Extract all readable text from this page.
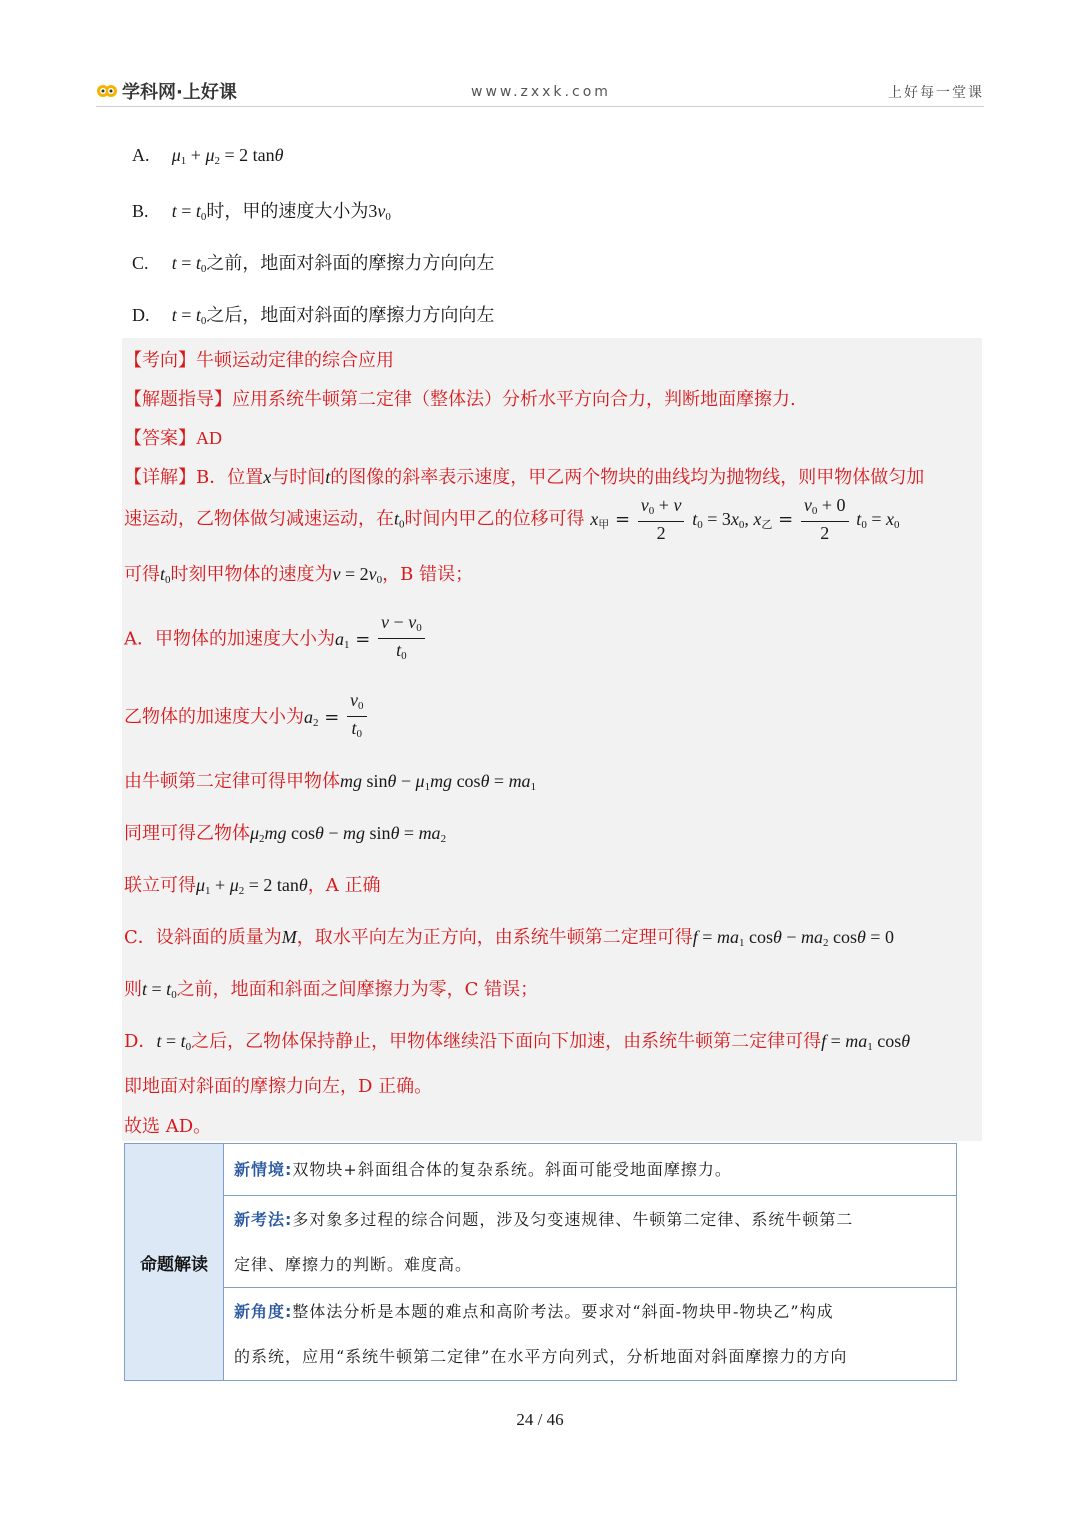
学科网·上好课	www.zxxk.com	上好每一堂课
A. $\mu_1 + \mu_2 = 2$ tanθ
B. $t = t_0$时，甲的速度大小为$3v_0$
C. $t = t_0$之前，地面对斜面的摩擦力方向向左
D. $t = t_0$之后，地面对斜面的摩擦力方向向左
【考向】牛顿运动定律的综合应用
【解题指导】应用系统牛顿第二定律（整体法）分析水平方向合力，判断地面摩擦力.
【答案】AD
【详解】B．位置x与时间t的图像的斜率表示速度，甲乙两个物块的曲线均为抛物线，则甲物体做匀加
速运动，乙物体做匀减速运动，在$t_0$时间内甲乙的位移可得 $x_甲 = \frac{v_0 + v}{2} t_0 = 3x_0$, $x_乙 = \frac{v_0 + 0}{2} t_0 = x_0$
可得$t_0$时刻甲物体的速度为$v = 2v_0$，B 错误；
A．甲物体的加速度大小为$a_1 = \frac{v - v_0}{t_0}$
乙物体的加速度大小为$a_2 = \frac{v_0}{t_0}$
由牛顿第二定律可得甲物体mg $\sin\theta - \mu_1mg$ $\cos\theta = ma_1$
同理可得乙物体$\mu_2mg$ cosθ − mg $\sin\theta = ma_2$
联立可得$\mu_1 + \mu_2 = 2$ tanθ，A 正确
C．设斜面的质量为M，取水平向左为正方向，由系统牛顿第二定理可得$f = ma_1$ $\cos\theta - ma_2$ cosθ = 0
则$t = t_0$之前，地面和斜面之间摩擦力为零，C 错误；
D．$t = t_0$之后，乙物体保持静止，甲物体继续沿下面向下加速，由系统牛顿第二定律可得$f = ma_1$ cosθ
即地面对斜面的摩擦力向左，D 正确。
故选 AD。
命题解读
新情境:双物块+斜面组合体的复杂系统。斜面可能受地面摩擦力。
新考法:多对象多过程的综合问题，涉及匀变速规律、牛顿第二定律、系统牛顿第二
定律、摩擦力的判断。难度高。
新角度:整体法分析是本题的难点和高阶考法。要求对“斜面-物块甲-物块乙”构成
的系统，应用“系统牛顿第二定律”在水平方向列式，分析地面对斜面摩擦力的方向
24 / 46
